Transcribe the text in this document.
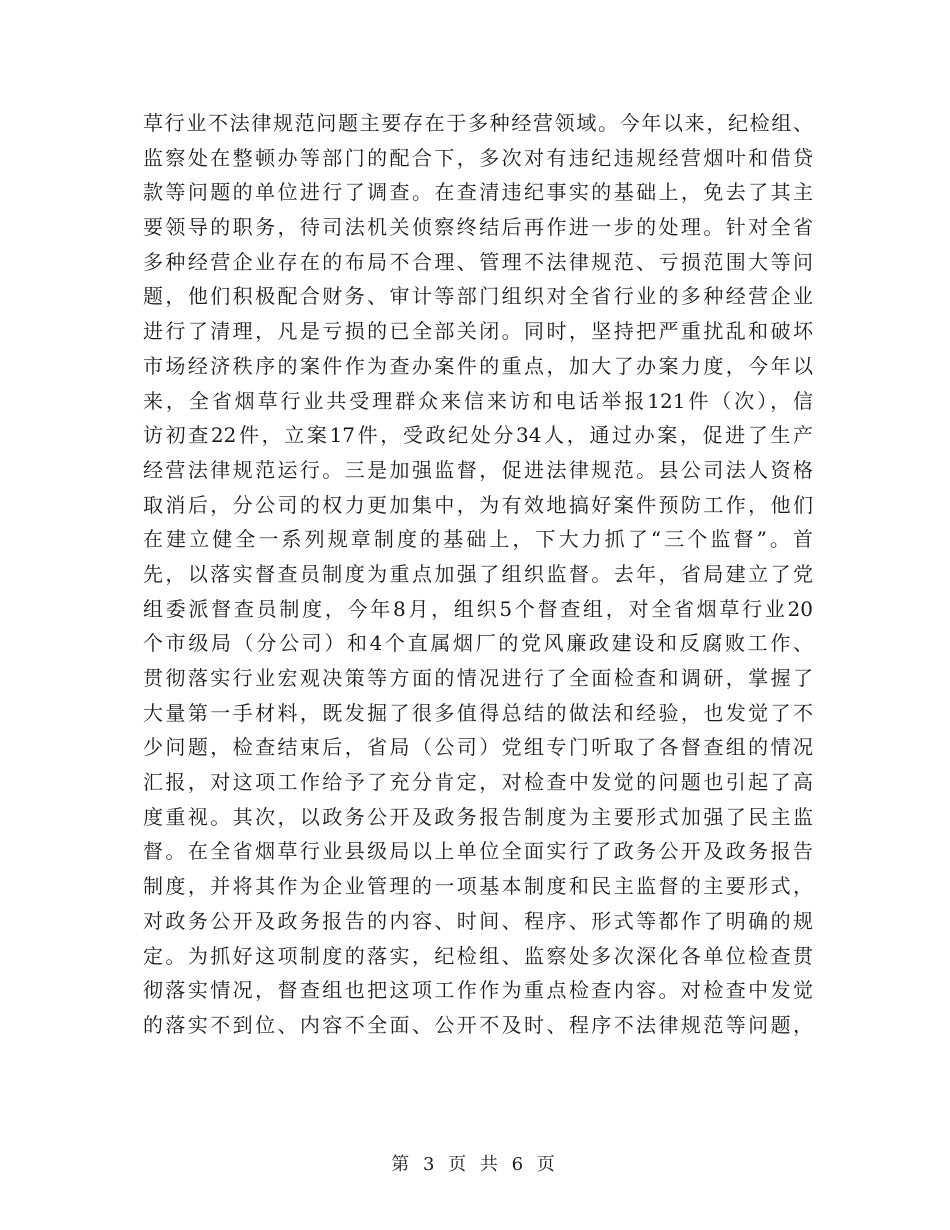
草行业不法律规范问题主要存在于多种经营领域。今年以来，纪检组、
监察处在整顿办等部门的配合下，多次对有违纪违规经营烟叶和借贷
款等问题的单位进行了调查。在查清违纪事实的基础上，免去了其主
要领导的职务，待司法机关侦察终结后再作进一步的处理。针对全省
多种经营企业存在的布局不合理、管理不法律规范、亏损范围大等问
题，他们积极配合财务、审计等部门组织对全省行业的多种经营企业
进行了清理，凡是亏损的已全部关闭。同时，坚持把严重扰乱和破坏
市场经济秩序的案件作为查办案件的重点，加大了办案力度，今年以
来，全省烟草行业共受理群众来信来访和电话举报121件（次），信
访初查22件，立案17件，受政纪处分34人，通过办案，促进了生产
经营法律规范运行。三是加强监督，促进法律规范。县公司法人资格
取消后，分公司的权力更加集中，为有效地搞好案件预防工作，他们
在建立健全一系列规章制度的基础上，下大力抓了“三个监督”。首
先，以落实督查员制度为重点加强了组织监督。去年，省局建立了党
组委派督查员制度，今年8月，组织5个督查组，对全省烟草行业20
个市级局（分公司）和4个直属烟厂的党风廉政建设和反腐败工作、
贯彻落实行业宏观决策等方面的情况进行了全面检查和调研，掌握了
大量第一手材料，既发掘了很多值得总结的做法和经验，也发觉了不
少问题，检查结束后，省局（公司）党组专门听取了各督查组的情况
汇报，对这项工作给予了充分肯定，对检查中发觉的问题也引起了高
度重视。其次，以政务公开及政务报告制度为主要形式加强了民主监
督。在全省烟草行业县级局以上单位全面实行了政务公开及政务报告
制度，并将其作为企业管理的一项基本制度和民主监督的主要形式，
对政务公开及政务报告的内容、时间、程序、形式等都作了明确的规
定。为抓好这项制度的落实，纪检组、监察处多次深化各单位检查贯
彻落实情况，督查组也把这项工作作为重点检查内容。对检查中发觉
的落实不到位、内容不全面、公开不及时、程序不法律规范等问题，
第 3 页 共 6 页
